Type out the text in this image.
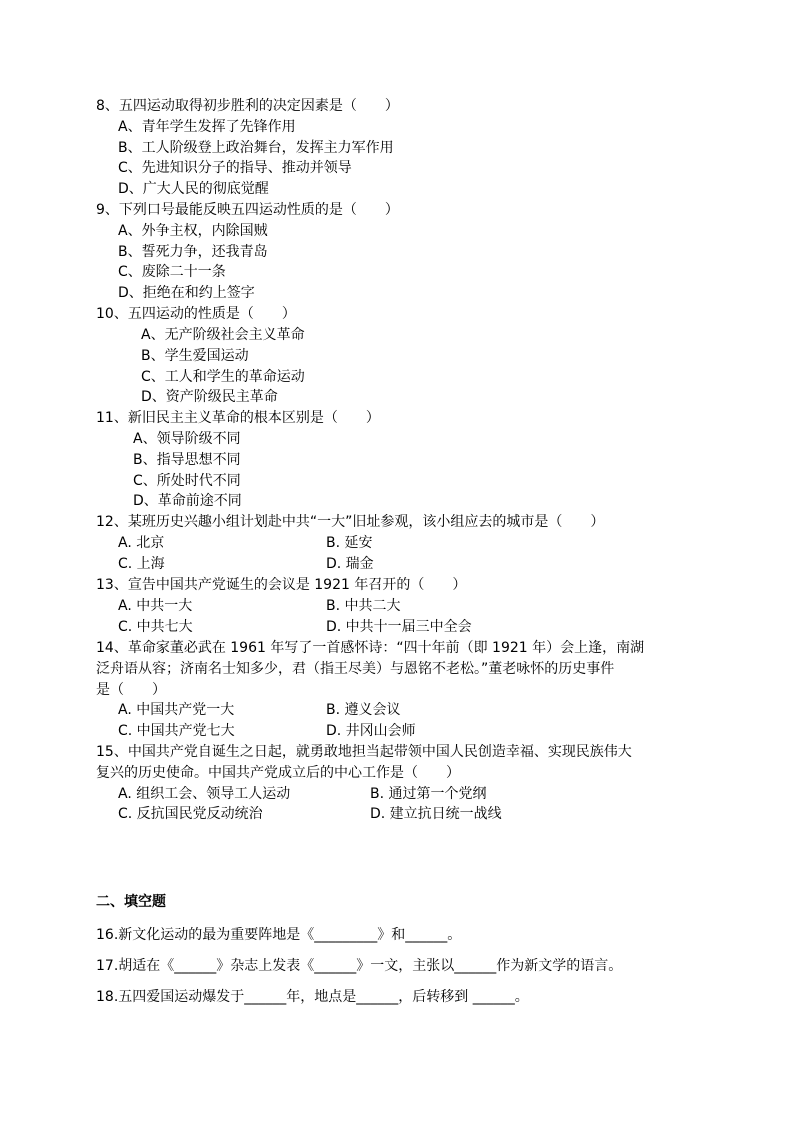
8、五四运动取得初步胜利的决定因素是（　　）
A、青年学生发挥了先锋作用
B、工人阶级登上政治舞台，发挥主力军作用
C、先进知识分子的指导、推动并领导
D、广大人民的彻底觉醒
9、下列口号最能反映五四运动性质的是（　　）
A、外争主权，内除国贼
B、誓死力争，还我青岛
C、废除二十一条
D、拒绝在和约上签字
10、五四运动的性质是（　　）
A、无产阶级社会主义革命
B、学生爱国运动
C、工人和学生的革命运动
D、资产阶级民主革命
11、新旧民主主义革命的根本区别是（　　）
A、领导阶级不同
B、指导思想不同
C、所处时代不同
D、革命前途不同
12、某班历史兴趣小组计划赴中共“一大”旧址参观，该小组应去的城市是（　　）
A. 北京	B. 延安
C. 上海	D. 瑞金
13、宣告中国共产党诞生的会议是 1921 年召开的（　　）
A. 中共一大	B. 中共二大
C. 中共七大	D. 中共十一届三中全会
14、革命家董必武在 1961 年写了一首感怀诗：“四十年前（即 1921 年）会上逢，南湖
泛舟语从容；济南名士知多少，君（指王尽美）与恩铭不老松。”董老咏怀的历史事件
是（　　）
A. 中国共产党一大	B. 遵义会议
C. 中国共产党七大	D. 井冈山会师
15、中国共产党自诞生之日起，就勇敢地担当起带领中国人民创造幸福、实现民族伟大
复兴的历史使命。中国共产党成立后的中心工作是（　　）
A. 组织工会、领导工人运动	B. 通过第一个党纲
C. 反抗国民党反动统治	D. 建立抗日统一战线
二、填空题
16.新文化运动的最为重要阵地是《_________》和______。
17.胡适在《______》杂志上发表《______》一文，主张以______作为新文学的语言。
18.五四爱国运动爆发于______年，地点是______，后转移到 ______。
